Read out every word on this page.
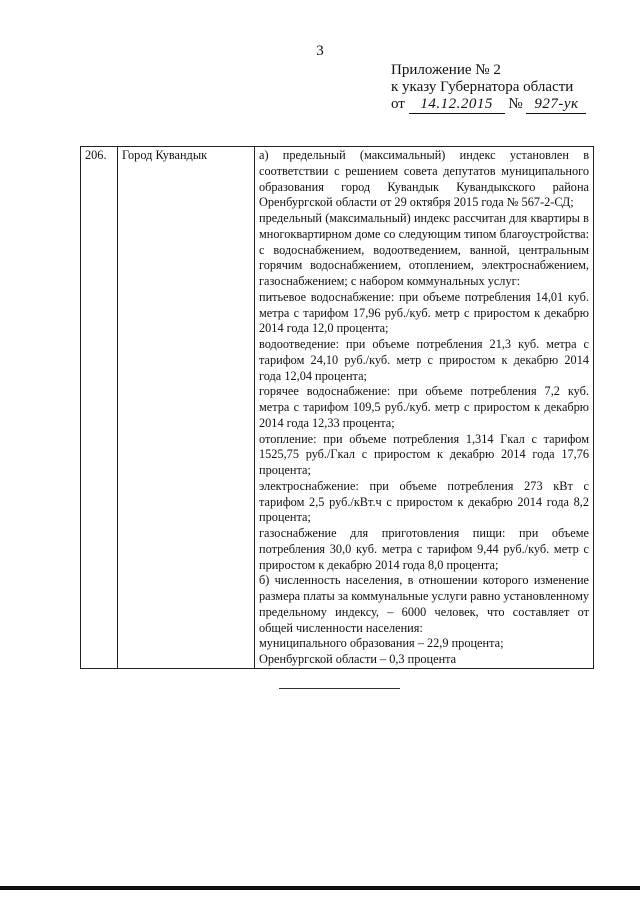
3
Приложение № 2
к указу Губернатора области
от 14.12.2015 № 927-ук
206.	Город Кувандык	а) предельный (максимальный) индекс установлен в соответствии с решением совета депутатов муниципального образования город Кувандык Кувандыкского района Оренбургской области от 29 октября 2015 года № 567-2-СД;

предельный (максимальный) индекс рассчитан для квартиры в многоквартирном доме со следующим типом благоустройства: с водоснабжением, водоотведением, ванной, центральным горячим водоснабжением, отоплением, электроснабжением, газоснабжением; с набором коммунальных услуг:

питьевое водоснабжение: при объеме потребления 14,01 куб. метра с тарифом 17,96 руб./куб. метр с приростом к декабрю 2014 года 12,0 процента;

водоотведение: при объеме потребления 21,3 куб. метра с тарифом 24,10 руб./куб. метр с приростом к декабрю 2014 года 12,04 процента;

горячее водоснабжение: при объеме потребления 7,2 куб. метра с тарифом 109,5 руб./куб. метр с приростом к декабрю 2014 года 12,33 процента;

отопление: при объеме потребления 1,314 Гкал с тарифом 1525,75 руб./Гкал с приростом к декабрю 2014 года 17,76 процента;

электроснабжение: при объеме потребления 273 кВт с тарифом 2,5 руб./кВт.ч с приростом к декабрю 2014 года 8,2 процента;

газоснабжение для приготовления пищи: при объеме потребления 30,0 куб. метра с тарифом 9,44 руб./куб. метр с приростом к декабрю 2014 года 8,0 процента;

б) численность населения, в отношении которого изменение размера платы за коммунальные услуги равно установленному предельному индексу, – 6000 человек, что составляет от общей численности населения:

муниципального образования – 22,9 процента;

Оренбургской области – 0,3 процента
